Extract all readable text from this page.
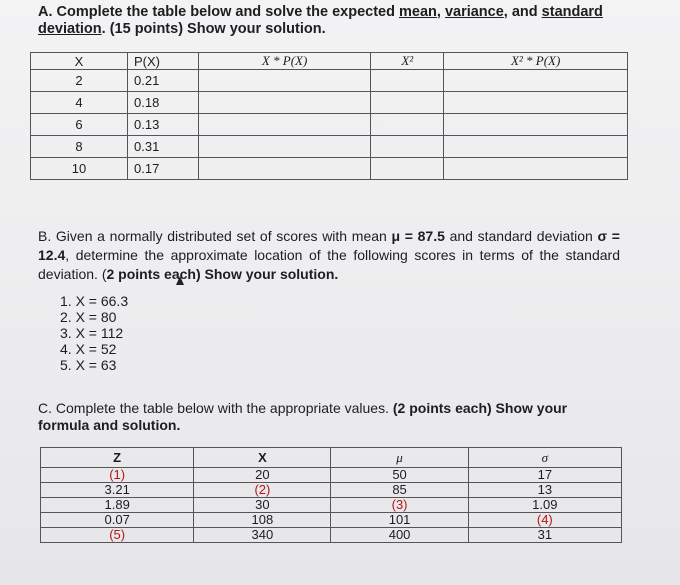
A. Complete the table below and solve the expected mean, variance, and standard
deviation. (15 points) Show your solution.
X	P(X)	X * P(X)	X²	X² * P(X)
2	0.21			
4	0.18			
6	0.13			
8	0.31			
10	0.17			
B. Given a normally distributed set of scores with mean μ = 87.5 and standard deviation σ = 12.4, determine the approximate location of the following scores in terms of the standard deviation. (2 points each) Show your solution.
1. X = 66.3
2. X = 80
3. X = 112
4. X = 52
5. X = 63
C. Complete the table below with the appropriate values. (2 points each) Show your formula and solution.
Z	X	μ	σ
(1)	20	50	17
3.21	(2)	85	13
1.89	30	(3)	1.09
0.07	108	101	(4)
(5)	340	400	31
